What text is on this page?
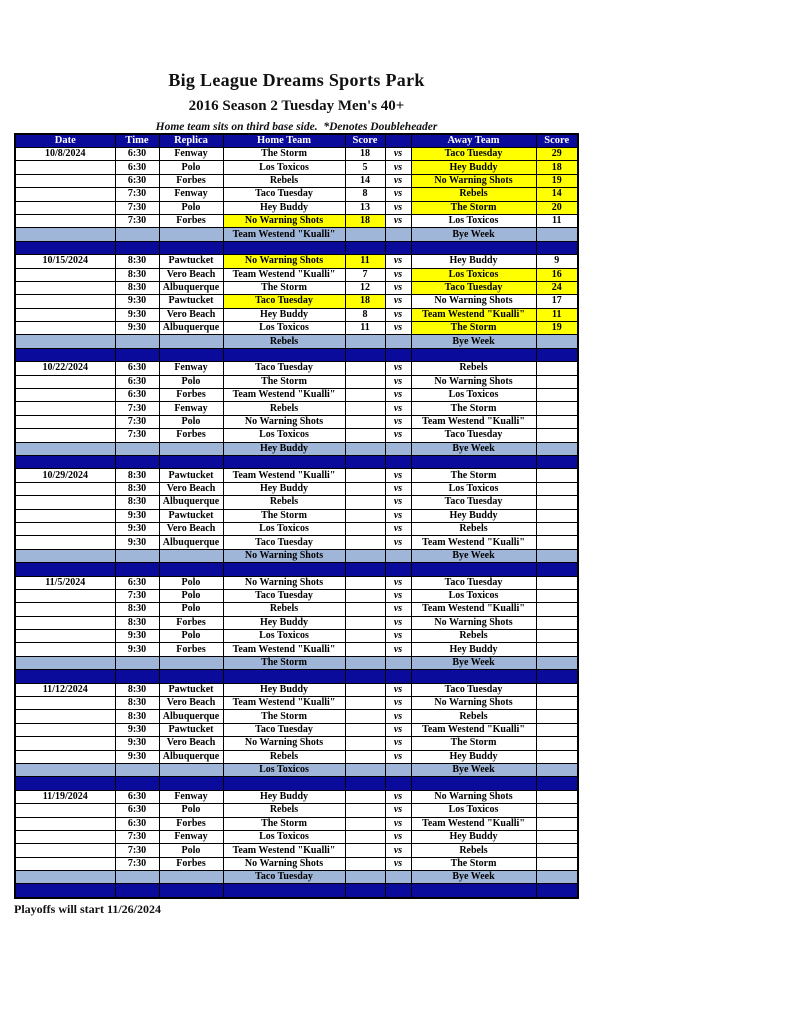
Big League Dreams Sports Park
2016 Season 2 Tuesday Men's 40+
Home team sits on third base side.  *Denotes Doubleheader
Date	Time	Replica	Home Team	Score		Away Team	Score
10/8/2024	6:30	Fenway	The Storm	18	vs	Taco Tuesday	29
	6:30	Polo	Los Toxicos	5	vs	Hey Buddy	18
	6:30	Forbes	Rebels	14	vs	No Warning Shots	19
	7:30	Fenway	Taco Tuesday	8	vs	Rebels	14
	7:30	Polo	Hey Buddy	13	vs	The Storm	20
	7:30	Forbes	No Warning Shots	18	vs	Los Toxicos	11
			Team Westend "Kualli"			Bye Week	

10/15/2024	8:30	Pawtucket	No Warning Shots	11	vs	Hey Buddy	9
	8:30	Vero Beach	Team Westend "Kualli"	7	vs	Los Toxicos	16
	8:30	Albuquerque	The Storm	12	vs	Taco Tuesday	24
	9:30	Pawtucket	Taco Tuesday	18	vs	No Warning Shots	17
	9:30	Vero Beach	Hey Buddy	8	vs	Team Westend "Kualli"	11
	9:30	Albuquerque	Los Toxicos	11	vs	The Storm	19
			Rebels			Bye Week	

10/22/2024	6:30	Fenway	Taco Tuesday		vs	Rebels	
	6:30	Polo	The Storm		vs	No Warning Shots	
	6:30	Forbes	Team Westend "Kualli"		vs	Los Toxicos	
	7:30	Fenway	Rebels		vs	The Storm	
	7:30	Polo	No Warning Shots		vs	Team Westend "Kualli"	
	7:30	Forbes	Los Toxicos		vs	Taco Tuesday	
			Hey Buddy			Bye Week	

10/29/2024	8:30	Pawtucket	Team Westend "Kualli"		vs	The Storm	
	8:30	Vero Beach	Hey Buddy		vs	Los Toxicos	
	8:30	Albuquerque	Rebels		vs	Taco Tuesday	
	9:30	Pawtucket	The Storm		vs	Hey Buddy	
	9:30	Vero Beach	Los Toxicos		vs	Rebels	
	9:30	Albuquerque	Taco Tuesday		vs	Team Westend "Kualli"	
			No Warning Shots			Bye Week	

11/5/2024	6:30	Polo	No Warning Shots		vs	Taco Tuesday	
	7:30	Polo	Taco Tuesday		vs	Los Toxicos	
	8:30	Polo	Rebels		vs	Team Westend "Kualli"	
	8:30	Forbes	Hey Buddy		vs	No Warning Shots	
	9:30	Polo	Los Toxicos		vs	Rebels	
	9:30	Forbes	Team Westend "Kualli"		vs	Hey Buddy	
			The Storm			Bye Week	

11/12/2024	8:30	Pawtucket	Hey Buddy		vs	Taco Tuesday	
	8:30	Vero Beach	Team Westend "Kualli"		vs	No Warning Shots	
	8:30	Albuquerque	The Storm		vs	Rebels	
	9:30	Pawtucket	Taco Tuesday		vs	Team Westend "Kualli"	
	9:30	Vero Beach	No Warning Shots		vs	The Storm	
	9:30	Albuquerque	Rebels		vs	Hey Buddy	
			Los Toxicos			Bye Week	

11/19/2024	6:30	Fenway	Hey Buddy		vs	No Warning Shots	
	6:30	Polo	Rebels		vs	Los Toxicos	
	6:30	Forbes	The Storm		vs	Team Westend "Kualli"	
	7:30	Fenway	Los Toxicos		vs	Hey Buddy	
	7:30	Polo	Team Westend "Kualli"		vs	Rebels	
	7:30	Forbes	No Warning Shots		vs	The Storm	
			Taco Tuesday			Bye Week	

Playoffs will start 11/26/2024
